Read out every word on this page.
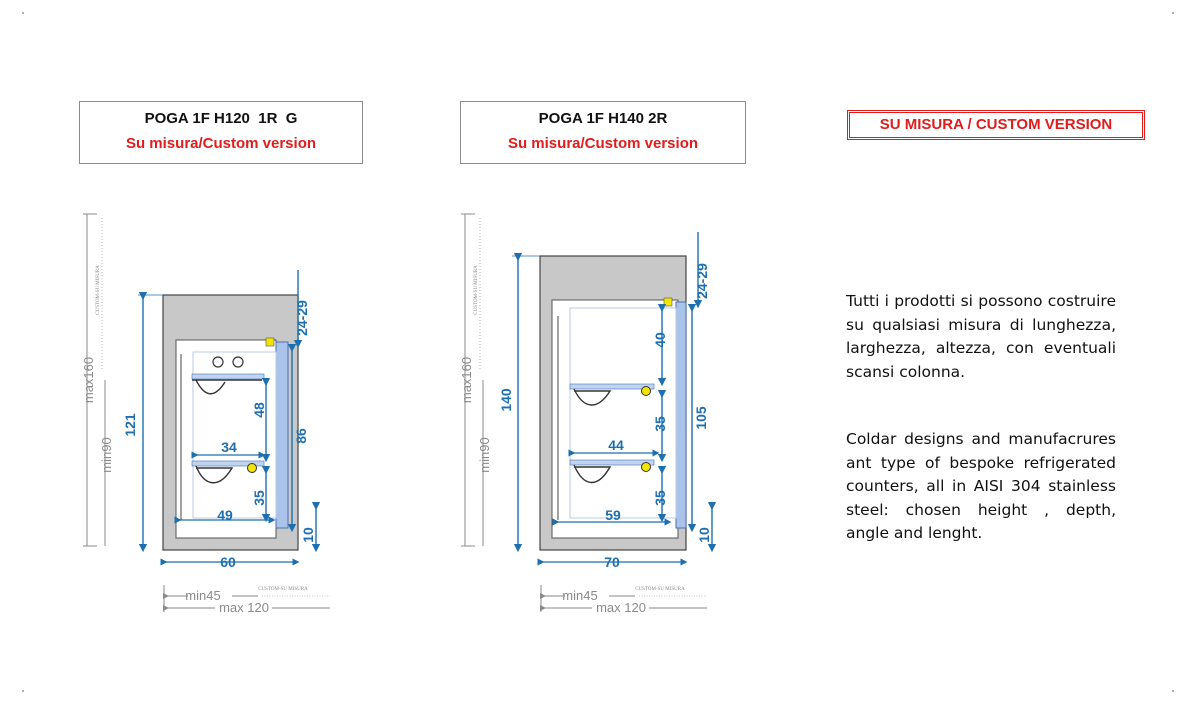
POGA 1F H120  1R  G
Su misura/Custom version
POGA 1F H140 2R
Su misura/Custom version
SU MISURA / CUSTOM VERSION
Tutti i prodotti si possono costruire su qualsiasi misura di lunghezza, larghezza, altezza, con eventuali scansi colonna.
Coldar designs and manufacrures ant type of bespoke refrigerated counters, all in AISI 304 stainless steel: chosen height , depth, angle and lenght.
121
24-29
48
86
35
10
34
49
60
max160
min90
CUSTOM-SU MISURA
min45	CUSTOM-SU MISURA
max 120
140
24-29
40
35
35
105
10
44
59
70
max160
min90
CUSTOM-SU MISURA
min45	CUSTOM-SU MISURA
max 120
